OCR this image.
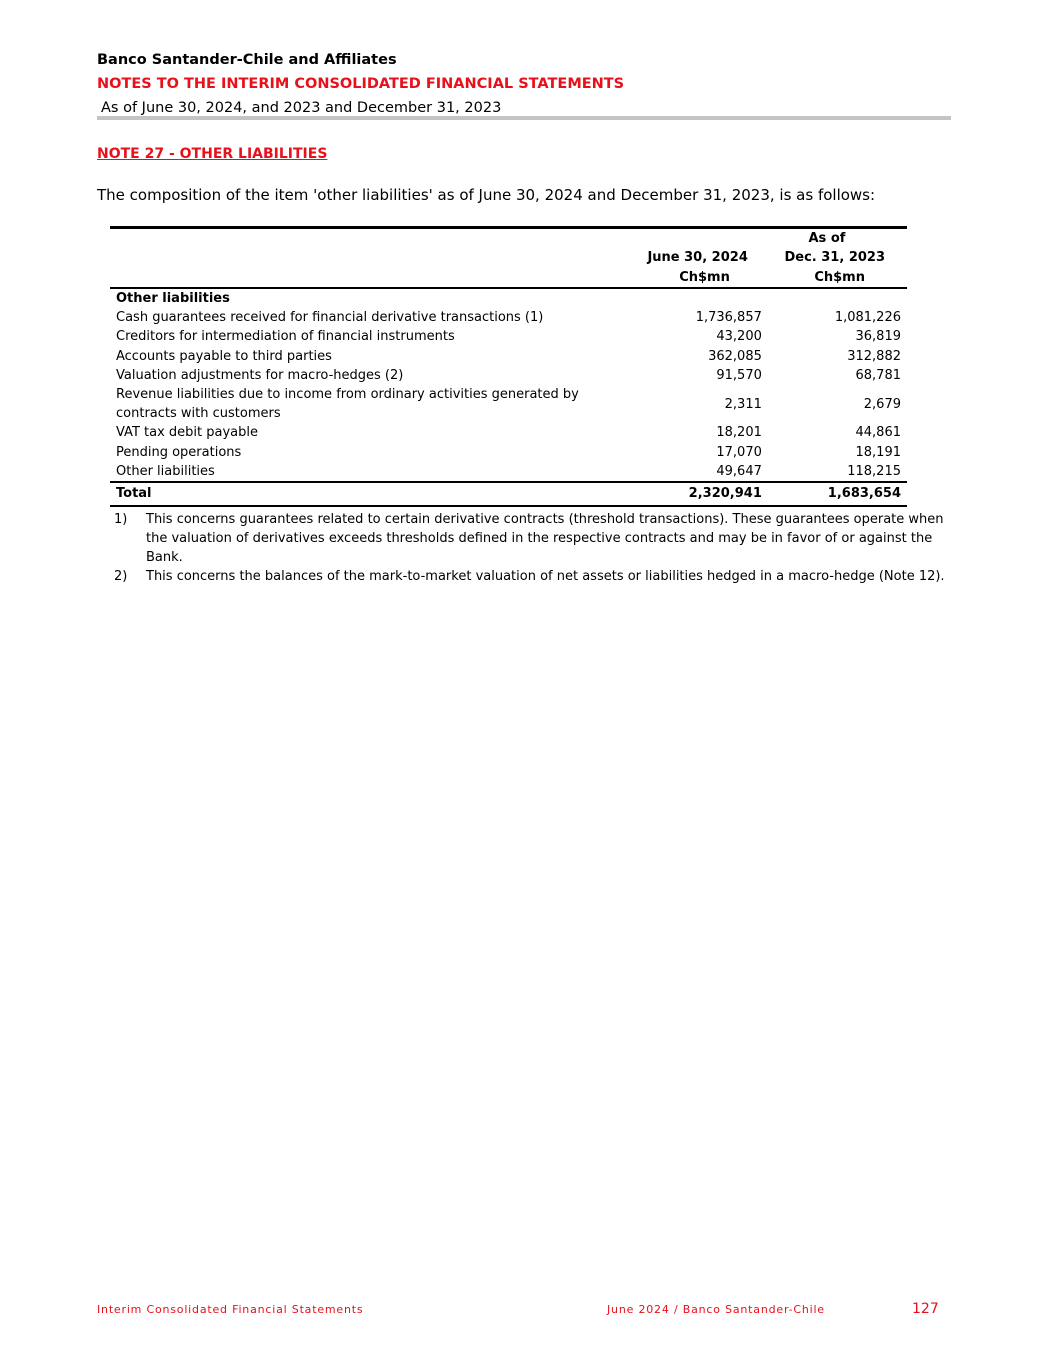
Banco Santander-Chile and Affiliates
NOTES TO THE INTERIM CONSOLIDATED FINANCIAL STATEMENTS
As of June 30, 2024, and 2023 and December 31, 2023
NOTE 27 - OTHER LIABILITIES
The composition of the item 'other liabilities' as of June 30, 2024 and December 31, 2023, is as follows:
	As of	
	June 30, 2024	Dec. 31, 2023
	Ch$mn	Ch$mn
Other liabilities		
Cash guarantees received for financial derivative transactions (1)	1,736,857	1,081,226
Creditors for intermediation of financial instruments	43,200	36,819
Accounts payable to third parties	362,085	312,882
Valuation adjustments for macro-hedges (2)	91,570	68,781

Revenue liabilities due to income from ordinary activities generated by
contracts with customers	2,311	2,679
VAT tax debit payable	18,201	44,861
Pending operations	17,070	18,191
Other liabilities	49,647	118,215
Total	2,320,941	1,683,654
1)	This concerns guarantees related to certain derivative contracts (threshold transactions). These guarantees operate when the valuation of derivatives exceeds thresholds defined in the respective contracts and may be in favor of or against the Bank.
2)	This concerns the balances of the mark-to-market valuation of net assets or liabilities hedged in a macro-hedge (Note 12).
Interim Consolidated Financial Statements	June 2024 / Banco Santander-Chile	127
